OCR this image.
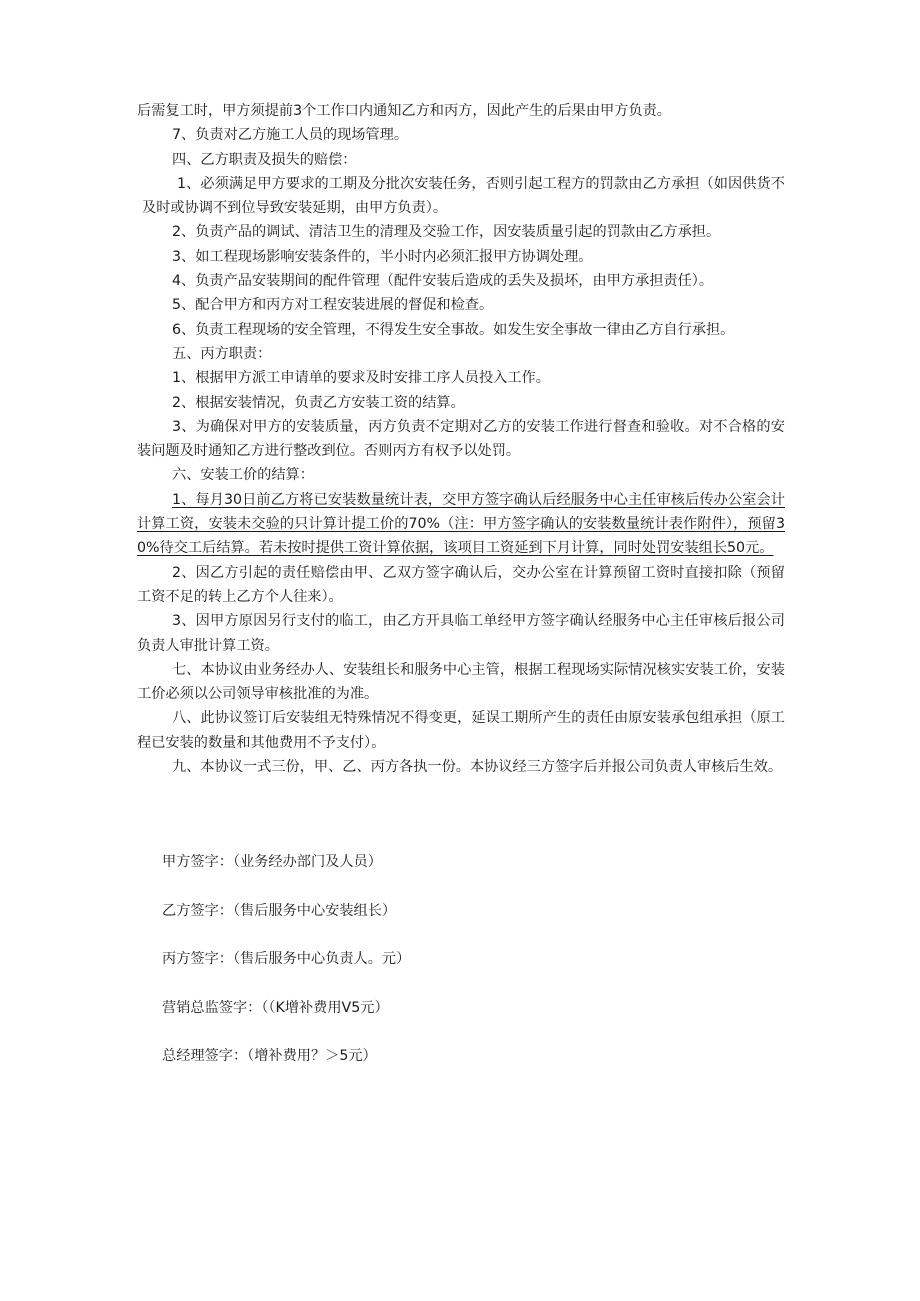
后需复工时，甲方须提前3个工作口内通知乙方和丙方，因此产生的后果由甲方负责。

7、负责对乙方施工人员的现场管理。

四、乙方职责及损失的赔偿：

1、必须满足甲方要求的工期及分批次安装任务，否则引起工程方的罚款由乙方承担（如因供货不及时或协调不到位导致安装延期，由甲方负责）。

2、负责产品的调试、清洁卫生的清理及交验工作，因安装质量引起的罚款由乙方承担。

3、如工程现场影响安装条件的，半小时内必须汇报甲方协调处理。

4、负责产品安装期间的配件管理（配件安装后造成的丢失及损坏，由甲方承担责任）。

5、配合甲方和丙方对工程安装进展的督促和检查。

6、负责工程现场的安全管理，不得发生安全事故。如发生安全事故一律由乙方自行承担。

五、丙方职责：

1、根据甲方派工申请单的要求及时安排工序人员投入工作。

2、根据安装情况，负责乙方安装工资的结算。

3、为确保对甲方的安装质量，丙方负责不定期对乙方的安装工作进行督查和验收。对不合格的安装问题及时通知乙方进行整改到位。否则丙方有权予以处罚。

六、安装工价的结算：

1、每月30日前乙方将已安装数量统计表，交甲方签字确认后经服务中心主任审核后传办公室会计计算工资，安装未交验的只计算计提工价的70%（注：甲方签字确认的安装数量统计表作附件），预留30%待交工后结算。若未按时提供工资计算依据，该项目工资延到下月计算，同时处罚安装组长50元。

2、因乙方引起的责任赔偿由甲、乙双方签字确认后，交办公室在计算预留工资时直接扣除（预留工资不足的转上乙方个人往来）。

3、因甲方原因另行支付的临工，由乙方开具临工单经甲方签字确认经服务中心主任审核后报公司负责人审批计算工资。

七、本协议由业务经办人、安装组长和服务中心主管，根据工程现场实际情况核实安装工价，安装工价必须以公司领导审核批准的为准。

八、此协议签订后安装组无特殊情况不得变更，延误工期所产生的责任由原安装承包组承担（原工程已安装的数量和其他费用不予支付）。

九、本协议一式三份，甲、乙、丙方各执一份。本协议经三方签字后并报公司负责人审核后生效。

甲方签字：（业务经办部门及人员）

乙方签字：（售后服务中心安装组长）

丙方签字：（售后服务中心负责人。元）

营销总监签字：（（K增补费用V5元）

总经理签字：（增补费用？＞5元）
